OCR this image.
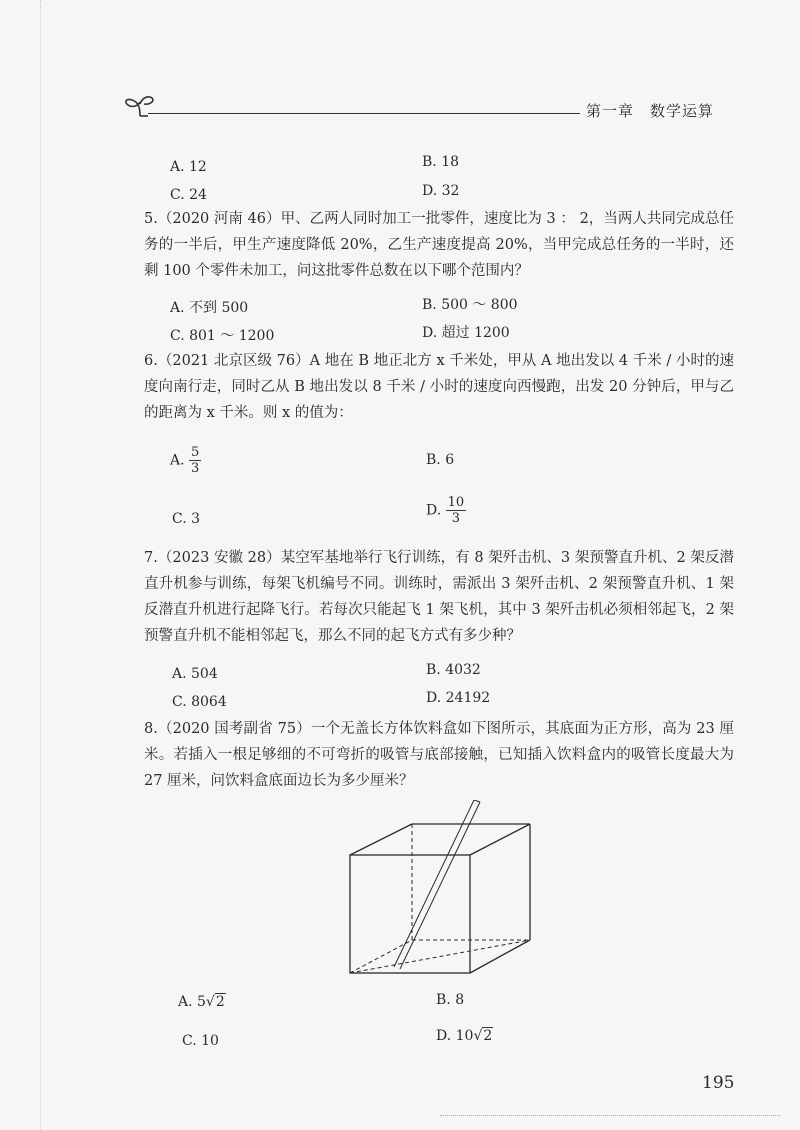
第一章　数学运算
A. 12	B. 18
C. 24	D. 32
5.（2020 河南 46）甲、乙两人同时加工一批零件，速度比为 3 ： 2，当两人共同完成总任务的一半后，甲生产速度降低 20%，乙生产速度提高 20%，当甲完成总任务的一半时，还剩 100 个零件未加工，问这批零件总数在以下哪个范围内？
A. 不到 500	B. 500 ～ 800
C. 801 ～ 1200	D. 超过 1200
6.（2021 北京区级 76）A 地在 B 地正北方 x 千米处，甲从 A 地出发以 4 千米 / 小时的速度向南行走，同时乙从 B 地出发以 8 千米 / 小时的速度向西慢跑，出发 20 分钟后，甲与乙的距离为 x 千米。则 x 的值为：
A. $\frac{5}{3}$	B. 6
C. 3
D. $\frac{10}{3}$
7.（2023 安徽 28）某空军基地举行飞行训练，有 8 架歼击机、3 架预警直升机、2 架反潜直升机参与训练，每架飞机编号不同。训练时，需派出 3 架歼击机、2 架预警直升机、1 架反潜直升机进行起降飞行。若每次只能起飞 1 架飞机，其中 3 架歼击机必须相邻起飞，2 架预警直升机不能相邻起飞，那么不同的起飞方式有多少种？
A. 504	B. 4032
C. 8064	D. 24192
8.（2020 国考副省 75）一个无盖长方体饮料盒如下图所示，其底面为正方形，高为 23 厘米。若插入一根足够细的不可弯折的吸管与底部接触，已知插入饮料盒内的吸管长度最大为 27 厘米，问饮料盒底面边长为多少厘米？
A. 5√2	B. 8
C. 10	D. 10√2
195
